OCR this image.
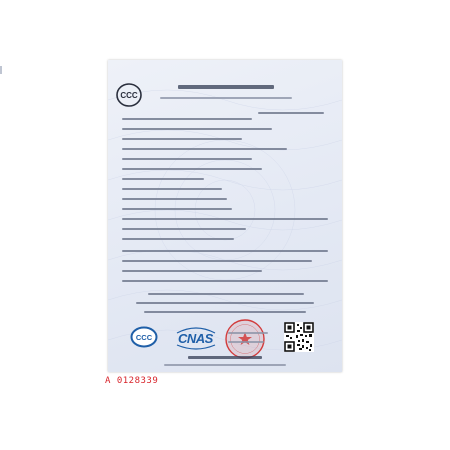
CCC
CCC CNAS
A 0128339
